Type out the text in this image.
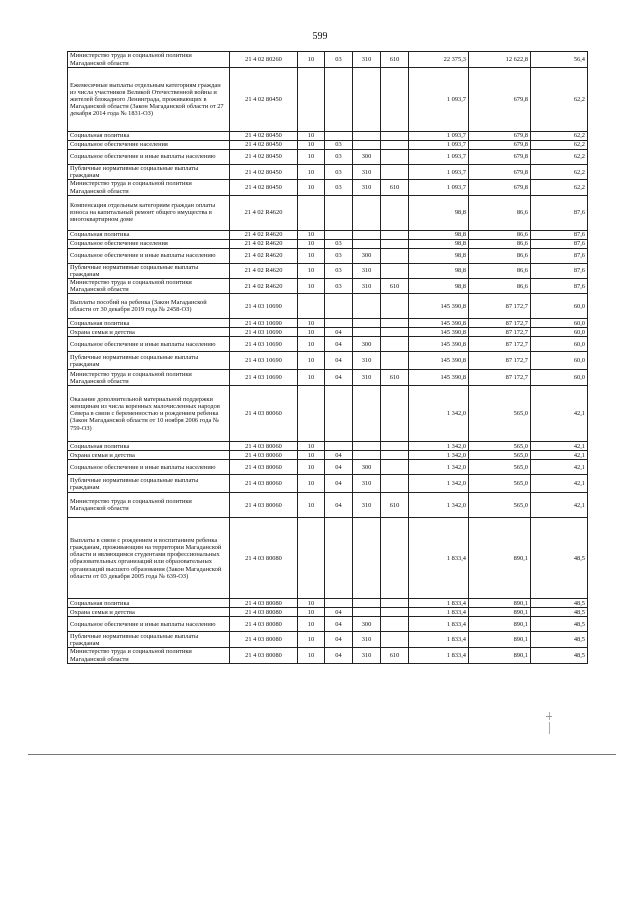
599
Министерство труда и социальной политики Магаданской области	21 4 02 80260	10	03	310	610	22 375,3	12 622,8	56,4
Ежемесячные выплаты отдельным категориям граждан из числа участников Великой Отечественной войны и жителей блокадного Ленинграда, проживающих в Магаданской области (Закон Магаданской области от 27 декабря 2014 года № 1831-ОЗ)	21 4 02 80450					1 093,7	679,8	62,2
Социальная политика	21 4 02 80450	10				1 093,7	679,8	62,2
Социальное обеспечение населения	21 4 02 80450	10	03			1 093,7	679,8	62,2
Социальное обеспечение и иные выплаты населению	21 4 02 80450	10	03	300		1 093,7	679,8	62,2
Публичные нормативные социальные выплаты гражданам	21 4 02 80450	10	03	310		1 093,7	679,8	62,2
Министерство труда и социальной политики Магаданской области	21 4 02 80450	10	03	310	610	1 093,7	679,8	62,2
Компенсация отдельным категориям граждан оплаты взноса на капитальный ремонт общего имущества в многоквартирном доме	21 4 02 R4620					98,8	86,6	87,6
Социальная политика	21 4 02 R4620	10				98,8	86,6	87,6
Социальное обеспечение населения	21 4 02 R4620	10	03			98,8	86,6	87,6
Социальное обеспечение и иные выплаты населению	21 4 02 R4620	10	03	300		98,8	86,6	87,6
Публичные нормативные социальные выплаты гражданам	21 4 02 R4620	10	03	310		98,8	86,6	87,6
Министерство труда и социальной политики Магаданской области	21 4 02 R4620	10	03	310	610	98,8	86,6	87,6
Выплаты пособий на ребенка (Закон Магаданской области от 30 декабря 2019 года № 2458-ОЗ)	21 4 03 10690					145 390,8	87 172,7	60,0
Социальная политика	21 4 03 10690	10				145 390,8	87 172,7	60,0
Охрана семьи и детства	21 4 03 10690	10	04			145 390,8	87 172,7	60,0
Социальное обеспечение и иные выплаты населению	21 4 03 10690	10	04	300		145 390,8	87 172,7	60,0
Публичные нормативные социальные выплаты гражданам	21 4 03 10690	10	04	310		145 390,8	87 172,7	60,0
Министерство труда и социальной политики Магаданской области	21 4 03 10690	10	04	310	610	145 390,8	87 172,7	60,0
Оказание дополнительной материальной поддержки женщинам из числа коренных малочисленных народов Севера в связи с беременностью и рождением ребенка (Закон Магаданской области от 10 ноября 2006 года № 759-ОЗ)	21 4 03 80060					1 342,0	565,0	42,1
Социальная политика	21 4 03 80060	10				1 342,0	565,0	42,1
Охрана семьи и детства	21 4 03 80060	10	04			1 342,0	565,0	42,1
Социальное обеспечение и иные выплаты населению	21 4 03 80060	10	04	300		1 342,0	565,0	42,1
Публичные нормативные социальные выплаты гражданам	21 4 03 80060	10	04	310		1 342,0	565,0	42,1
Министерство труда и социальной политики Магаданской области	21 4 03 80060	10	04	310	610	1 342,0	565,0	42,1
Выплаты в связи с рождением и воспитанием ребенка гражданам, проживающим на территории Магаданской области и являющимся студентами профессиональных образовательных организаций или образовательных организаций высшего образования (Закон Магаданской области от 03 декабря 2005 года № 639-ОЗ)	21 4 03 80080					1 833,4	890,1	48,5
Социальная политика	21 4 03 80080	10				1 833,4	890,1	48,5
Охрана семьи и детства	21 4 03 80080	10	04			1 833,4	890,1	48,5
Социальное обеспечение и иные выплаты населению	21 4 03 80080	10	04	300		1 833,4	890,1	48,5
Публичные нормативные социальные выплаты гражданам	21 4 03 80080	10	04	310		1 833,4	890,1	48,5
Министерство труда и социальной политики Магаданской области	21 4 03 80080	10	04	310	610	1 833,4	890,1	48,5
